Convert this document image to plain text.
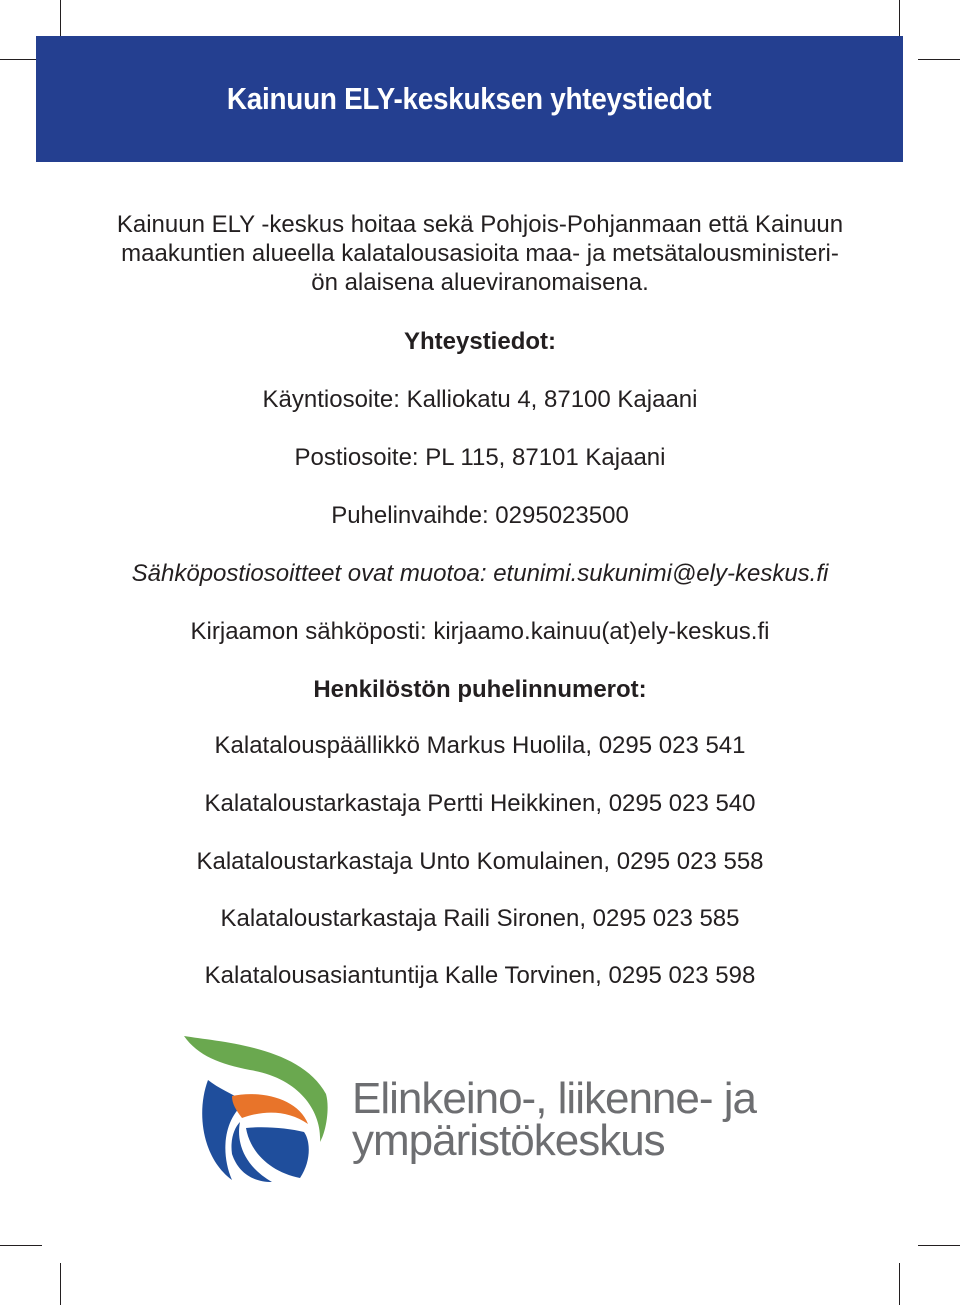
Kainuun ELY-keskuksen yhteystiedot
Kainuun ELY -keskus hoitaa sekä Pohjois-Pohjanmaan että Kainuun
maakuntien alueella kalatalousasioita maa- ja metsätalousministeri-
ön alaisena alueviranomaisena.
Yhteystiedot:
Käyntiosoite: Kalliokatu 4, 87100 Kajaani
Postiosoite: PL 115, 87101 Kajaani
Puhelinvaihde: 0295023500
Sähköpostiosoitteet ovat muotoa: etunimi.sukunimi@ely-keskus.fi
Kirjaamon sähköposti: kirjaamo.kainuu(at)ely-keskus.fi
Henkilöstön puhelinnumerot:
Kalatalouspäällikkö Markus Huolila, 0295 023 541
Kalataloustarkastaja Pertti Heikkinen, 0295 023 540
Kalataloustarkastaja Unto Komulainen, 0295 023 558
Kalataloustarkastaja Raili Sironen, 0295 023 585
Kalatalousasiantuntija Kalle Torvinen, 0295 023 598
Elinkeino-, liikenne- ja
ympäristökeskus
